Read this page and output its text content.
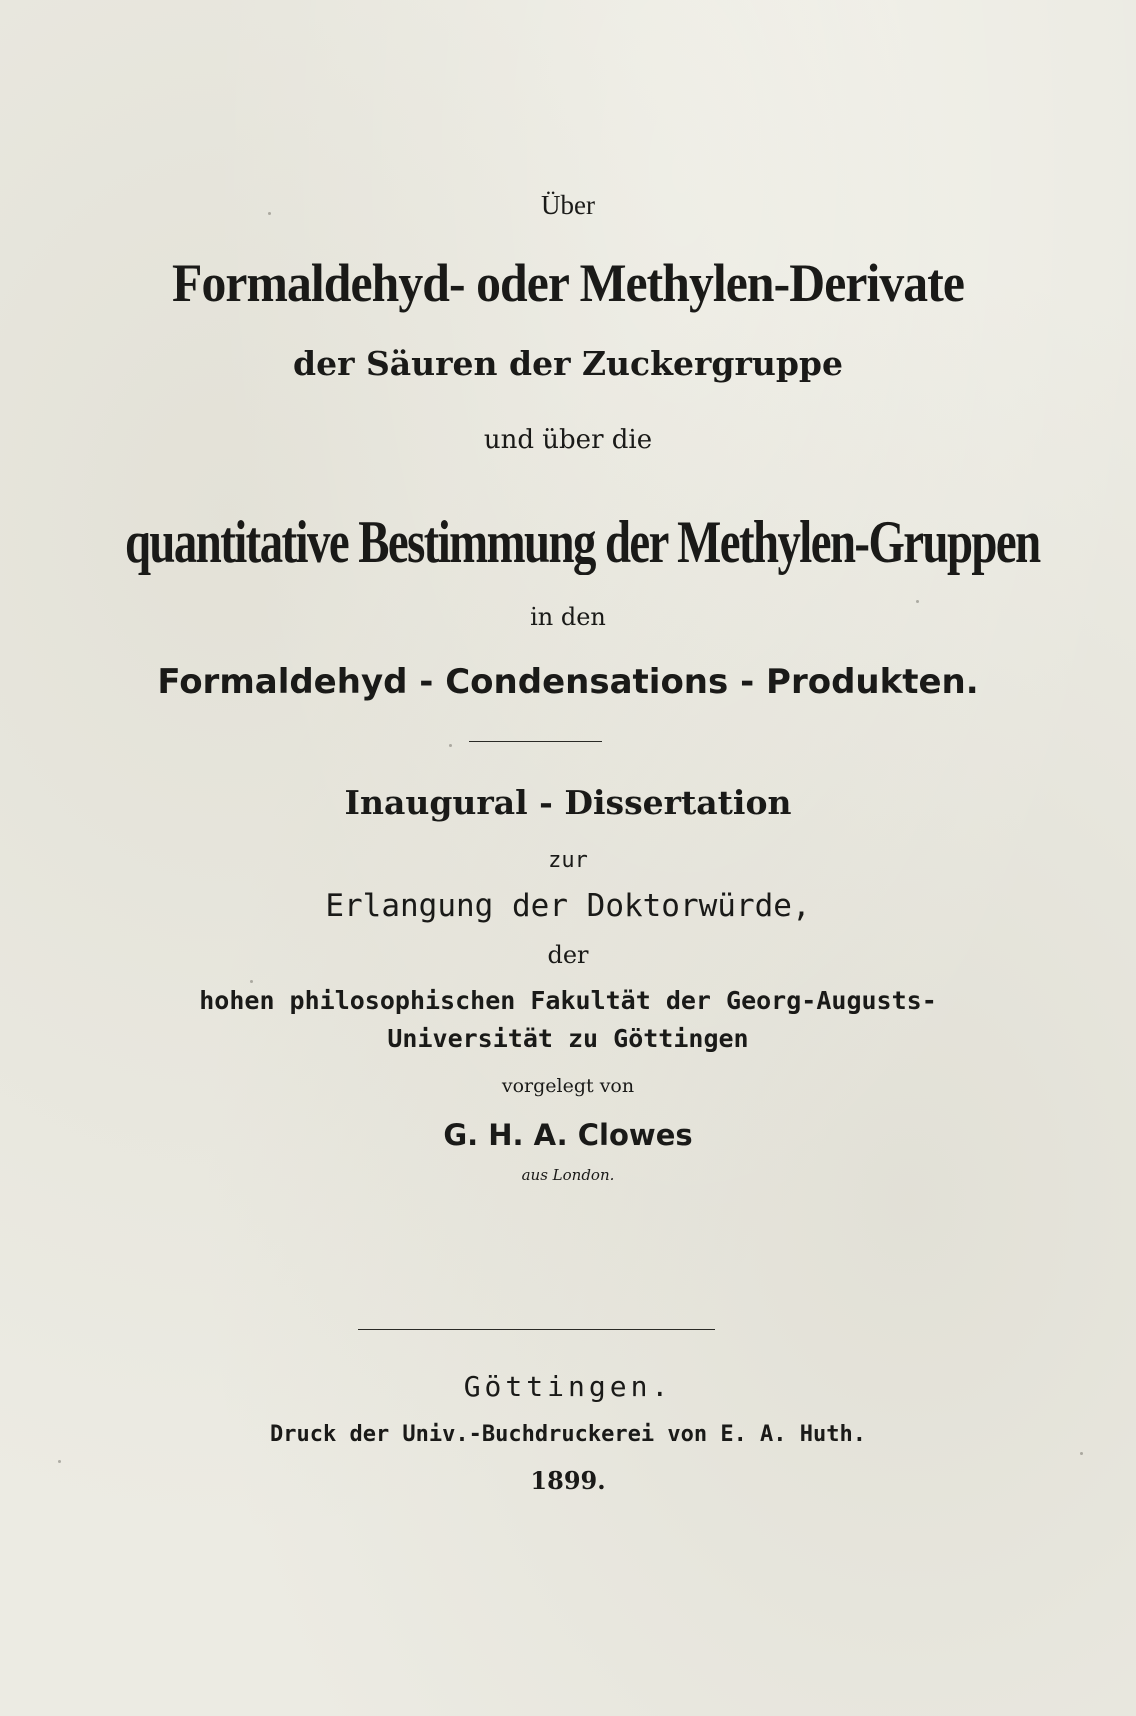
Über
Formaldehyd- oder Methylen-Derivate
der Säuren der Zuckergruppe
und über die
quantitative Bestimmung der Methylen-Gruppen
in den
Formaldehyd - Condensations - Produkten.
Inaugural - Dissertation
zur
Erlangung der Doktorwürde,
der
hohen philosophischen Fakultät der Georg-Augusts-
Universität zu Göttingen
vorgelegt von
G. H. A. Clowes
aus London.
Göttingen.
Druck der Univ.-Buchdruckerei von E. A. Huth.
1899.
